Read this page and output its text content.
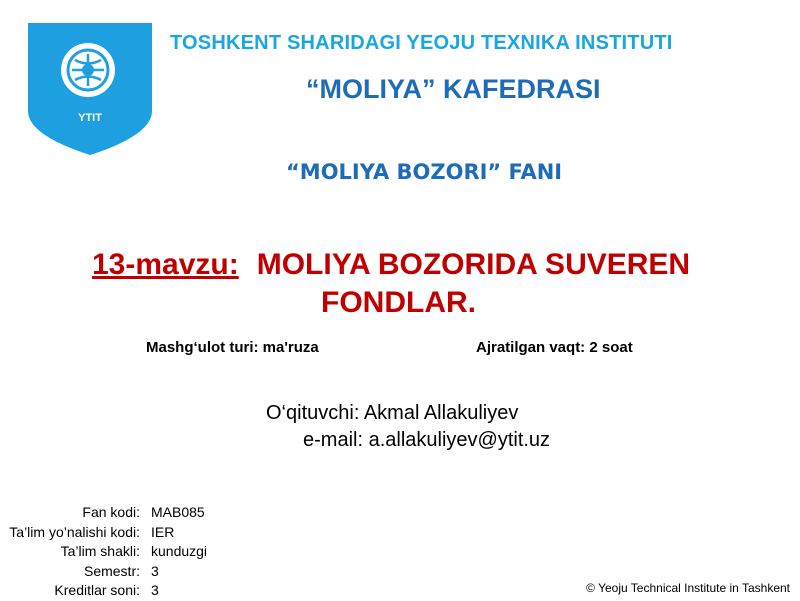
YTIT
TOSHKENT SHARIDAGI YEOJU TEXNIKA INSTITUTI
“MOLIYA” KAFEDRASI
“MOLIYA BOZORI” FANI
13-mavzu: MOLIYA BOZORIDA SUVEREN
FONDLAR.
Mashg‘ulot turi: ma'ruza	Ajratilgan vaqt: 2 soat
O‘qituvchi: Akmal Allakuliyev
e-mail: a.allakuliyev@ytit.uz
Fan kodi: MAB085
Ta’lim yo’nalishi kodi: IER
Ta’lim shakli: kunduzgi
Semestr: 3
Kreditlar soni: 3	© Yeoju Technical Institute in Tashkent
